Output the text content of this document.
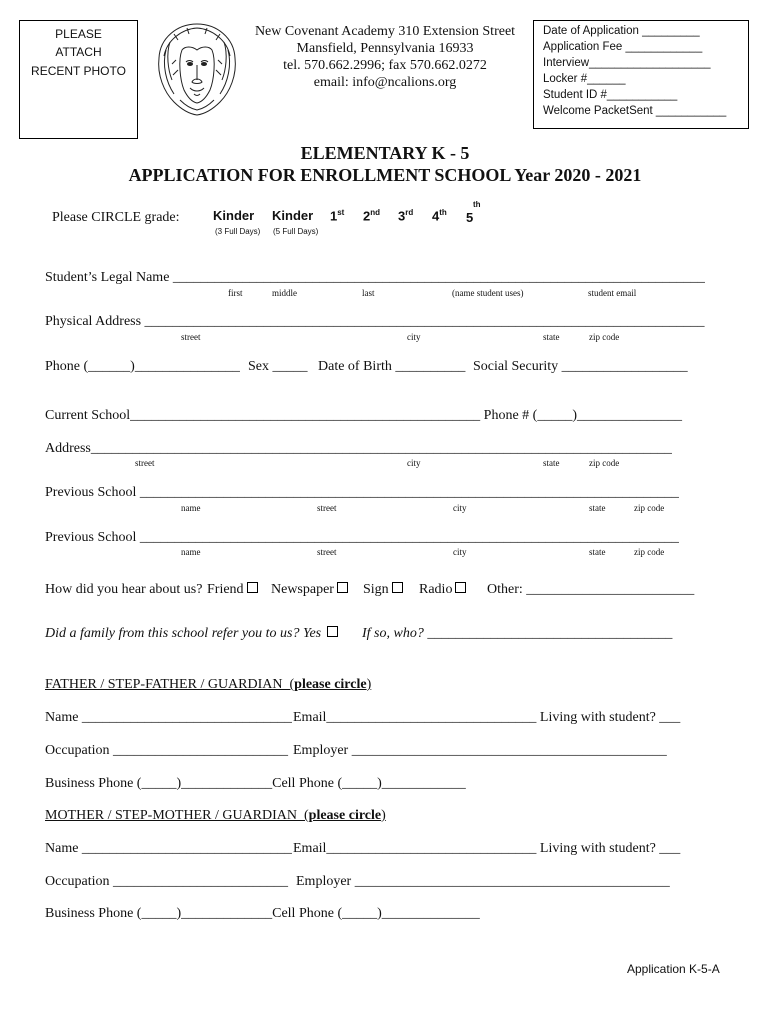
PLEASE
ATTACH
RECENT PHOTO
New Covenant Academy 310 Extension Street
Mansfield, Pennsylvania 16933
tel. 570.662.2996; fax 570.662.0272
email: info@ncalions.org
Date of Application _________
Application Fee ____________
Interview___________________
Locker #______
Student ID #___________
Welcome PacketSent ___________
ELEMENTARY K - 5
APPLICATION FOR ENROLLMENT SCHOOL Year 2020 - 2021
Please CIRCLE grade:	Kinder
(3 Full Days)
Kinder
(5 Full Days)
1st 2nd 3rd 4th 5
th
Student’s Legal Name ____________________________________________________________________________
first	middle	last	(name student uses)	student email
Physical Address ________________________________________________________________________________
street	city	state	zip code
Phone (______)_______________ Sex _____ Date of Birth __________ Social Security __________________
Current School__________________________________________________ Phone # (_____)_______________
Address___________________________________________________________________________________
street	city	state	zip code
Previous School _____________________________________________________________________________
name	street	city	state	zip code
Previous School _____________________________________________________________________________
name	street	city	state	zip code
How did you hear about us? Friend	Newspaper	Sign	Radio	Other: ________________________
Did a family from this school refer you to us? Yes	If so, who? ___________________________________
FATHER / STEP-FATHER / GUARDIAN  (please circle)
Name ______________________________ Email______________________________ Living with student? ___
Occupation _________________________ Employer _____________________________________________
Business Phone (_____)_____________Cell Phone (_____)____________
MOTHER / STEP-MOTHER / GUARDIAN  (please circle)
Name ______________________________ Email______________________________ Living with student? ___
Occupation _________________________ Employer _____________________________________________
Business Phone (_____)_____________Cell Phone (_____)______________
Application K-5-A
